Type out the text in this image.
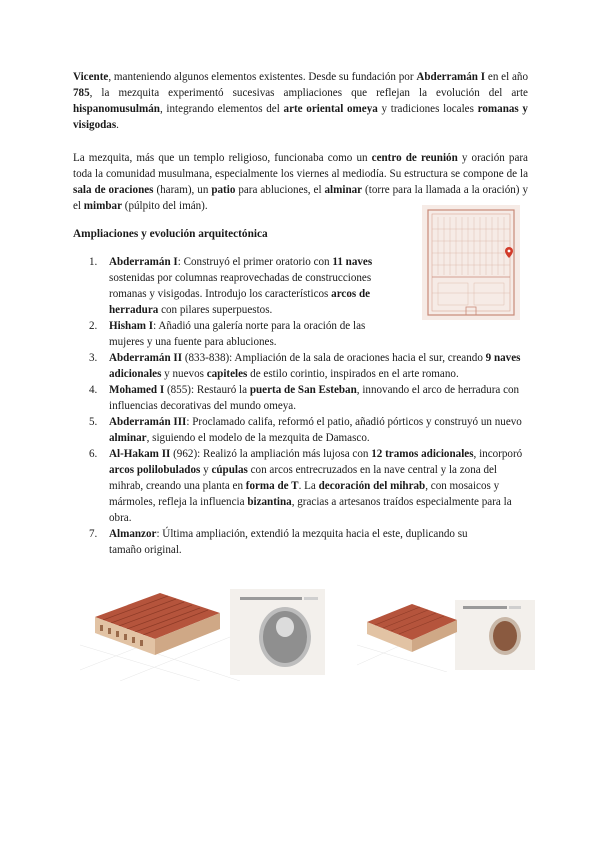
Vicente, manteniendo algunos elementos existentes. Desde su fundación por Abderramán I en el año 785, la mezquita experimentó sucesivas ampliaciones que reflejan la evolución del arte hispanomusulmán, integrando elementos del arte oriental omeya y tradiciones locales romanas y visigodas.

La mezquita, más que un templo religioso, funcionaba como un centro de reunión y oración para toda la comunidad musulmana, especialmente los viernes al mediodía. Su estructura se compone de la sala de oraciones (haram), un patio para abluciones, el alminar (torre para la llamada a la oración) y el mimbar (púlpito del imán).

Ampliaciones y evolución arquitectónica
1. Abderramán I: Construyó el primer oratorio con 11 naves sostenidas por columnas reaprovechadas de construcciones romanas y visigodas. Introdujo los característicos arcos de herradura con pilares superpuestos.
2. Hisham I: Añadió una galería norte para la oración de las mujeres y una fuente para abluciones.
3. Abderramán II (833-838): Ampliación de la sala de oraciones hacia el sur, creando 9 naves adicionales y nuevos capiteles de estilo corintio, inspirados en el arte romano.
4. Mohamed I (855): Restauró la puerta de San Esteban, innovando el arco de herradura con influencias decorativas del mundo omeya.
5. Abderramán III: Proclamado califa, reformó el patio, añadió pórticos y construyó un nuevo alminar, siguiendo el modelo de la mezquita de Damasco.
6. Al-Hakam II (962): Realizó la ampliación más lujosa con 12 tramos adicionales, incorporó arcos polilobulados y cúpulas con arcos entrecruzados en la nave central y la zona del mihrab, creando una planta en forma de T. La decoración del mihrab, con mosaicos y mármoles, refleja la influencia bizantina, gracias a artesanos traídos especialmente para la obra.
7. Almanzor: Última ampliación, extendió la mezquita hacia el este, duplicando su tamaño original.
